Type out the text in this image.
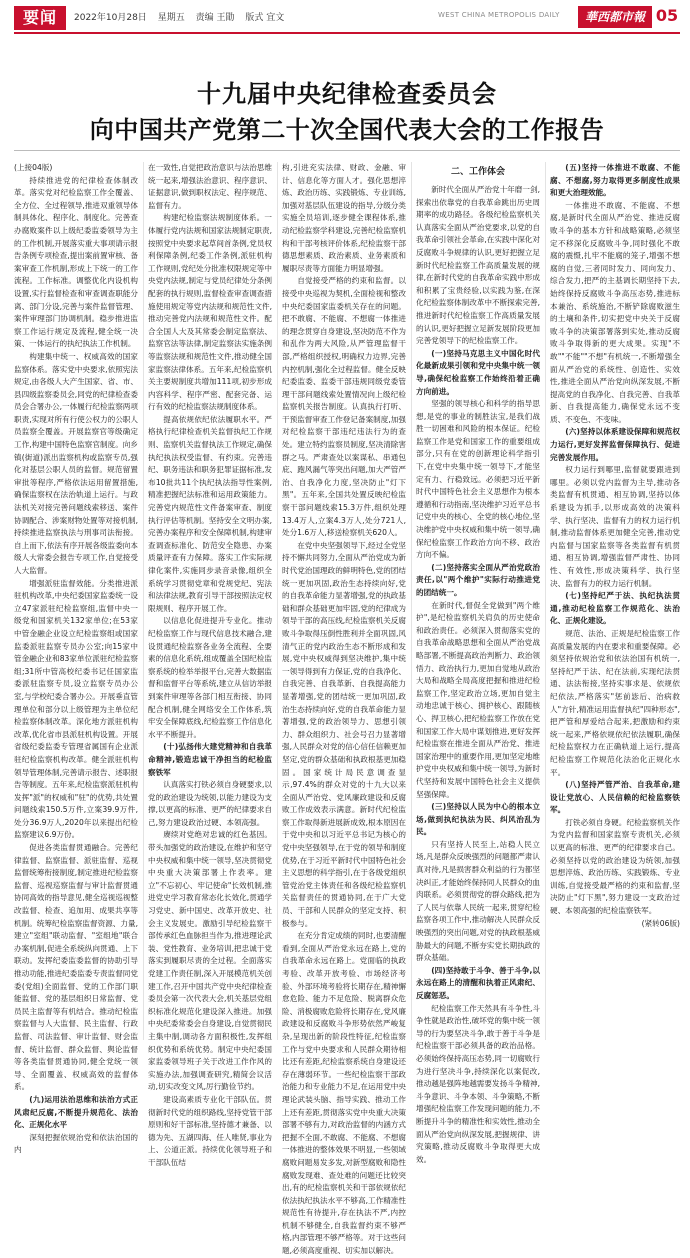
要闻	2022年10月28日 星期五 责编 王勖 版式 宜文	WEST CHINA METROPOLIS DAILY	華西都市報 05
十九届中央纪律检查委员会
向中国共产党第二十次全国代表大会的工作报告

(上接04版)

持续推进党的纪律检查体制改革。落实党对纪检监察工作全覆盖、全方位、全过程领导,推进双重领导体制具体化、程序化、制度化。完善查办腐败案件以上级纪委监委领导为主的工作机制,开展落实重大事项请示报告条例专项检查,提出案前置审核、备案审查工作机制,形成上下统一的工作流程。工作标准。调整优化内设机构设置,实行监督检查和审查调查职能分离、部门分设,完善与案件监督管理、案件审理部门协调机制。稳步推进监察工作运行规定及流程,健全统一决策、一体运行的执纪执法工作机制。

构建集中统一、权威高效的国家监察体系。落实党中央要求,依照宪法规定,由各级人大产生国家、省、市、县四级监察委员会,同党的纪律检查委员会合署办公,一体履行纪检监察两项职责,实现对所有行使公权力的公职人员监察全覆盖。开展监察官等级确定工作,构建中国特色监察官制度。向乡镇(街道)派出监察机构或监察专员,强化对基层公职人员的监督。规范留置审批等程序,严格依法运用留置措施,确保监察权在法治轨道上运行。与政法机关对接完善问题线索移送、案件协调配合、涉案财物处置等对接机制,持续推进监察执法与刑事司法衔接。自上而下,依法有序开展各级监委向本级人大常委会报告专项工作,自觉接受人大监督。

增强派驻监督效能。分类推进派驻机构改革,中央纪委国家监委统一设立47家派驻纪检监察组,监督中央一级党和国家机关132家单位;在53家中管金融企业设立纪检监察组或国家监委派驻监察专员办公室;向15家中管金融企业和83家单位派驻纪检监察组;31所中管高校纪委书记任国家监委派驻监察专员,设立监察专员办公室,与学校纪委合署办公。开展垂直管理单位和部分以上级管理为主单位纪检监察体制改革。深化地方派驻机构改革,优化省市县派驻机构设置。开展省级纪委监委专管理省属国有企业派驻纪检监察机构改革。健全派驻机构领导管理体制,完善请示报告、述职报告等制度。五年来,纪检监察派驻机构发挥"派"的权威和"驻"的优势,共处置问题线索150.5万件,立案39.9万件,处分36.9万人,2020年以来提出纪检监察建议6.9万份。

促进各类监督贯通融合。完善纪律监督、监察监督、派驻监督、巡视监督统筹衔接制度,制定推进纪检监察监督、巡视巡察监督与审计监督贯通协同高效的指导意见,健全巡视巡视整改监督、检查、追加用、成果共享等机制。统筹纪检监察监督资源、力量,建立"室组"联动监督、"室组地"联合办案机制,促进全系统纵向贯通、上下联动。发挥纪委监委监督的协助引导推动功能,推进纪委监委专责监督同党委(党组)全面监督、党的工作部门职能监督、党的基层组织日常监督、党员民主监督等有机结合。推动纪检监察监督与人大监督、民主监督、行政监督、司法监督、审计监督、财会监督、统计监督、群众监督、舆论监督等各类监督贯通协同,健全党统一领导、全面覆盖、权威高效的监督体系。

(九)运用法治思维和法治方式正风肃纪反腐,不断提升规范化、法治化、正规化水平

深刻把握依规治党和依法治国的内

在一致性,自觉把政治意识与法治思维统一起来,增强法治意识、程序意识、证据意识,做到职权法定、程序规范、监督有力。

构建纪检监察法规制度体系。一体履行党内法规和国家法规制定职责,按照党中央要求起草间首条例,党员权利保障条例,纪委工作条例,派驻机构工作规则,党纪处分批准权限规定等中央党内法规,制定与党员纪律处分条例配套的执行规则,监督检查审查调查措施使用规定等党内法规和规范性文件,推动完善党内法规和规范性文件。配合全国人大及其常委会制定监察法、监察官法等法律,制定监察法实施条例等监察法规和规范性文件,推动健全国家监察法律体系。五年来,纪检监察机关主要规制度共增加111项,初步形成内容科学、程序严密、配套完备、运行有效的纪检监察法规制度体系。

提高依规依纪依法履职水平。严格执行纪律检查机关监督执纪工作规则、监察机关监督执法工作规定,确保执纪执法权受监督、有约束。完善违纪、职务违法和职务犯罪证据标准,发布10批共11个执纪执法指导性案例,精准把握纪法标准和运用政策能力。完善党内规范性文件备案审查、制度执行评估等机制。坚持安全文明办案,完善办案程序和安全保障机制,构建审查调查标准化、防范安全隐患、办案质量评查有力保障。落实工作实际规律化案件,实施同步录音录像,组织全系统学习贯彻党章和党规党纪、宪法和法律法规,教育引导干部按照法定权限规则、程序开展工作。

以信息化促进提升专业化。推动纪检监察工作与现代信息技术融合,建设贯通纪检监察各业务全流程、全要素的信息化系统,组成覆盖全国纪检监察系统的检举举报平台,完善大数据监督和监督平台等系统,建立从信访举报到案件审理等各部门相互衔接、协同配合机制,健全网络安全工作体系,筑牢安全保障底线,纪检监察工作信息化水平不断提升。

(十)弘扬伟大建党精神和自我革命精神,锻造忠诚干净担当的纪检监察铁军

认真落实打铁必须自身硬要求,以党的政治建设为统领,以能力建设为支撑,以更高的标准、更严的纪律要求自己,努力建设政治过硬、本领高强。

赓续对党绝对忠诚的红色基因。带头加强党的政治建设,在维护和坚守中央权威和集中统一领导,坚决贯彻党中央重大决策部署上作表率。建立"不忘初心、牢记使命"长效机制,推进党史学习教育常态化长效化,贯通学习党史、新中国史、改革开放史、社会主义发展史。激励引导纪检监察干部传承红色血脉担当作为,推进理论武装、党性教育、业务培训,把忠诚于党落实到履职尽责的全过程。全面落实党建工作责任制,深入开展模范机关创建工作,召开中国共产党中央纪律检查委员会第一次代表大会,机关基层党组织标准化规范化建设深入推进。加强中央纪委常委会自身建设,自觉贯彻民主集中制,调动各方面积极性,发挥组织优势和系统优势。制定中央纪委国家监委领导班子关于改进工作作风的实施办法,加强调查研究,精简会议活动,切实改变文风,厉行勤俭节约。

建设高素质专业化干部队伍。贯彻新时代党的组织路线,坚持党管干部原则和好干部标准,坚持德才兼备、以德为先、五湖四海、任人唯贤,事业为上、公道正派。持续优化领导班子和干部队伍结

构,引进充实法律、财政、金融、审计、信息化等方面人才。强化思想淬炼、政治历练、实践锻炼、专业训练,加强对基层队伍建设的指导,分级分类实施全员培训,逐步健全课程体系,推动纪检监察学科建设,完善纪检监察机构和干部考核评价体系,纪检监察干部德思想素质、政治素质、业务素质和履职尽责等方面能力明显增强。

自觉接受严格的约束和监督。以接受中央巡视为契机,全面检视和整改中央纪委国家监委机关存在的问题。把不敢腐、不能腐、不想腐一体推进的理念贯穿自身建设,坚决防范不作为和乱作为两大风险,从严管理监督干部,严格组织授权,明确权力边界,完善内控机制,强化全过程监督。健全反映纪委监委、监委干部违规同级党委管理干部问题线索处置情况向上级纪检监察机关报告制度。认真执行打听、干预监督审查工作登记备案制度,加强对纪检监察干部违纪违法行为的查处。建立特约监察员制度,坚决清除害群之马。严肃查处以案谋私、串通包庇、跑风漏气等突出问题,加大严管严治、自我净化力度,坚决防止"灯下黑"。五年来,全国共处置反映纪检监察干部问题线索15.3万件,组织处理13.4万人,立案4.3万人,处分721人,处分1.6万人,移送检察机关620人。

在党中央坚强领导下,经过全党坚持不懈共同努力,全面从严治党成为新时代党治国理政的鲜明特色,党的团结统一更加巩固,政治生态持续向好,党的自我革命能力显著增强,党的执政基础和群众基础更加牢固,党的纪律成为领导干部的高压线,纪检监察机关反腐败斗争取得压倒性胜利并全面巩固,风清气正的党内政治生态不断形成和发展,党中央权威得到坚决维护,集中统一领导得到有力保证,党的自我净化、自我完善、自我革新、自我提高能力显著增强,党的团结统一更加巩固,政治生态持续向好,党的自我革命能力显著增强,党的政治领导力、思想引领力、群众组织力、社会号召力显著增强,人民群众对党的信心信任信赖更加坚定,党的群众基础和执政根基更加稳固。国家统计局民意调查显示,97.4%的群众对党的十九大以来全面从严治党、党风廉政建设和反腐败工作成效表示满意。新时代纪检监察工作取得新进展新成效,根本原因在于党中央和以习近平总书记为核心的党中央坚强领导,在于党的领导和制度优势,在于习近平新时代中国特色社会主义思想的科学指引,在于各级党组织管党治党主体责任和各级纪检监察机关监督责任的贯通协同,在于广大党员、干部和人民群众的坚定支持、积极参与。

在充分肯定成绩的同时,也要清醒看到,全面从严治党永远在路上,党的自我革命永远在路上。党面临的执政考验、改革开放考验、市场经济考验、外部环境考验将长期存在,精神懈怠危险、能力不足危险、脱离群众危险、消极腐败危险将长期存在,党风廉政建设和反腐败斗争形势依然严峻复杂,呈现出新的阶段性特征,纪检监察工作与党中央要求和人民群众期待相比还有差距,纪检监察系统自身建设还存在薄弱环节。一些纪检监察干部政治能力和专业能力不足,在运用党中央理论武装头脑、指导实践、推动工作上还有差距,贯彻落实党中央重大决策部署不够有力,对政治监督的内涵方式把握不全面,不敢腐、不能腐、不想腐一体推进的整体效果不明显,一些领域腐败问题易发多发,对新型腐败和隐性腐败发现难、查处难的问题还比较突出,有的纪检监察机关和干部依规依纪依法执纪执法水平不够高,工作精准性规范性有待提升,存在执法不严,内控机制不够健全,自我监督约束不够严格,内部管理不够严格等。对于这些问题,必须高度重视、切实加以解决。

二、工作体会

新时代全面从严治党十年磨一剑,探索出依靠党的自我革命跳出历史周期率的成功路径。各级纪检监察机关认真落实全面从严治党要求,以党的自我革命引领社会革命,在实践中深化对反腐败斗争规律的认识,更好把握立足新时代纪检监察工作高质量发展的规律,在新时代党的自我革命实践中形成和积累了宝贵经验,以实践为鉴,在深化纪检监察体制改革中不断探索完善,推进新时代纪检监察工作高质量发展的认识,更好把握立足新发展阶段更加完善党领导下的纪检监察工作。

(一)坚持马克思主义中国化时代化最新成果引领和党中央集中统一领导,确保纪检监察工作始终沿着正确方向前进。

坚强的领导核心和科学的指导思想,是党的事业的制胜法宝,是我们战胜一切困难和风险的根本保证。纪检监察工作是党和国家工作的重要组成部分,只有在党的创新理论科学指引下,在党中央集中统一领导下,才能坚定有力、行稳致远。必须把习近平新时代中国特色社会主义思想作为根本遵循和行动指南,坚决维护习近平总书记党中央的核心、全党的核心地位,坚决维护党中央权威和集中统一领导,确保纪检监察工作政治方向不移、政治方向不偏。

(二)坚持落实全面从严治党政治责任,以"两个维护"实际行动推进党的团结统一。

在新时代,督促全党做到"两个维护",是纪检监察机关肩负的历史使命和政治责任。必须深入贯彻落实党的自我革命战略思想和全面从严治党战略部署,不断提高政治判断力、政治领悟力、政治执行力,更加自觉地从政治大局和战略全局高度把握和推进纪检监察工作,坚定政治立场,更加自觉主动地忠诚于核心、拥护核心、跟随核心、捍卫核心,把纪检监察工作放在党和国家工作大局中谋划推进,更好发挥纪检监察在推进全面从严治党、推进国家治理中的重要作用,更加坚定地维护党中央权威和集中统一领导,为新时代坚持和发展中国特色社会主义提供坚强保障。

(三)坚持以人民为中心的根本立场,做到执纪执法为民、纠风治乱为民。

只有坚持人民至上,站稳人民立场,凡是群众反映强烈的问题都严肃认真对待,凡是损害群众利益的行为都坚决纠正,才能始终保持同人民群众的血肉联系。必须贯彻党的群众路线,把为了人民与依靠人民统一起来,贯穿纪检监察各项工作中,推动解决人民群众反映强烈的突出问题,对党的执政根基威胁最大的问题,不断夯实党长期执政的群众基础。

(四)坚持敢于斗争、善于斗争,以永远在路上的清醒和执着正风肃纪、反腐惩恶。

纪检监察工作天然具有斗争性,斗争性就是政治性,破坏党的集中统一领导的行为要坚决斗争,敢于善于斗争是纪检监察干部必须具备的政治品格。必须始终保持高压态势,同一切腐败行为进行坚决斗争,持续深化以案促改,推动越是强阵地越需要发扬斗争精神,斗争意识、斗争本领、斗争策略,不断增强纪检监察工作发现问题的能力,不断提升斗争的精准性和实效性,推动全面从严治党向纵深发展,把握规律、讲究策略,推动反腐败斗争取得更大成效。

(五)坚持一体推进不敢腐、不能腐、不想腐,努力取得更多制度性成果和更大治理效能。

一体推进不敢腐、不能腐、不想腐,是新时代全面从严治党、推进反腐败斗争的基本方针和战略策略,必须坚定不移深化反腐败斗争,同时强化不敢腐的震慑,扎牢不能腐的笼子,增强不想腐的自觉,三者同时发力、同向发力、综合发力,把严的主基调长期坚持下去,始终保持反腐败斗争高压态势,推进标本兼治、系统施治,不断铲除腐败滋生的土壤和条件,切实把党中央关于反腐败斗争的决策部署落到实处,推动反腐败斗争取得新的更大成果。实现"不敢""不能""不想"有机统一,不断增强全面从严治党的系统性、创造性、实效性,推进全面从严治党向纵深发展,不断提高党的自我净化、自我完善、自我革新、自我提高能力,确保党永远不变质、不变色、不变味。

(六)坚持以体系建设保障和规范权力运行,更好发挥监督保障执行、促进完善发展作用。

权力运行到哪里,监督就要跟进到哪里。必须以党内监督为主导,推动各类监督有机贯通、相互协调,坚持以体系建设为抓手,以形成高效的决策科学、执行坚决、监督有力的权力运行机制,推动监督体系更加健全完善,推动党内监督与国家监察等各类监督有机贯通、相互协调,增强监督严肃性、协同性、有效性,形成决策科学、执行坚决、监督有力的权力运行机制。

(七)坚持纪严于法、执纪执法贯通,推动纪检监察工作规范化、法治化、正规化建设。

规范、法治、正规是纪检监察工作高质量发展的内在要求和重要保障。必须坚持依规治党和依法治国有机统一,坚持纪严于法、纪在法前,实现纪法贯通、法法衔接,坚持实事求是、依规依纪依法,严格落实"惩前毖后、治病救人"方针,精准运用监督执纪"四种形态",把严管和厚爱结合起来,把激励和约束统一起来,严格依规依纪依法履职,确保纪检监察权力在正确轨道上运行,提高纪检监察工作规范化法治化正规化水平。

(八)坚持严管严治、自我革命,建设让党放心、人民信赖的纪检监察铁军。

打铁必须自身硬。纪检监察机关作为党内监督和国家监察专责机关,必须以更高的标准、更严的纪律要求自己。必须坚持以党的政治建设为统领,加强思想淬炼、政治历练、实践锻炼、专业训练,自觉接受最严格的约束和监督,坚决防止"灯下黑",努力建设一支政治过硬、本领高强的纪检监察铁军。

(紧转06版)
